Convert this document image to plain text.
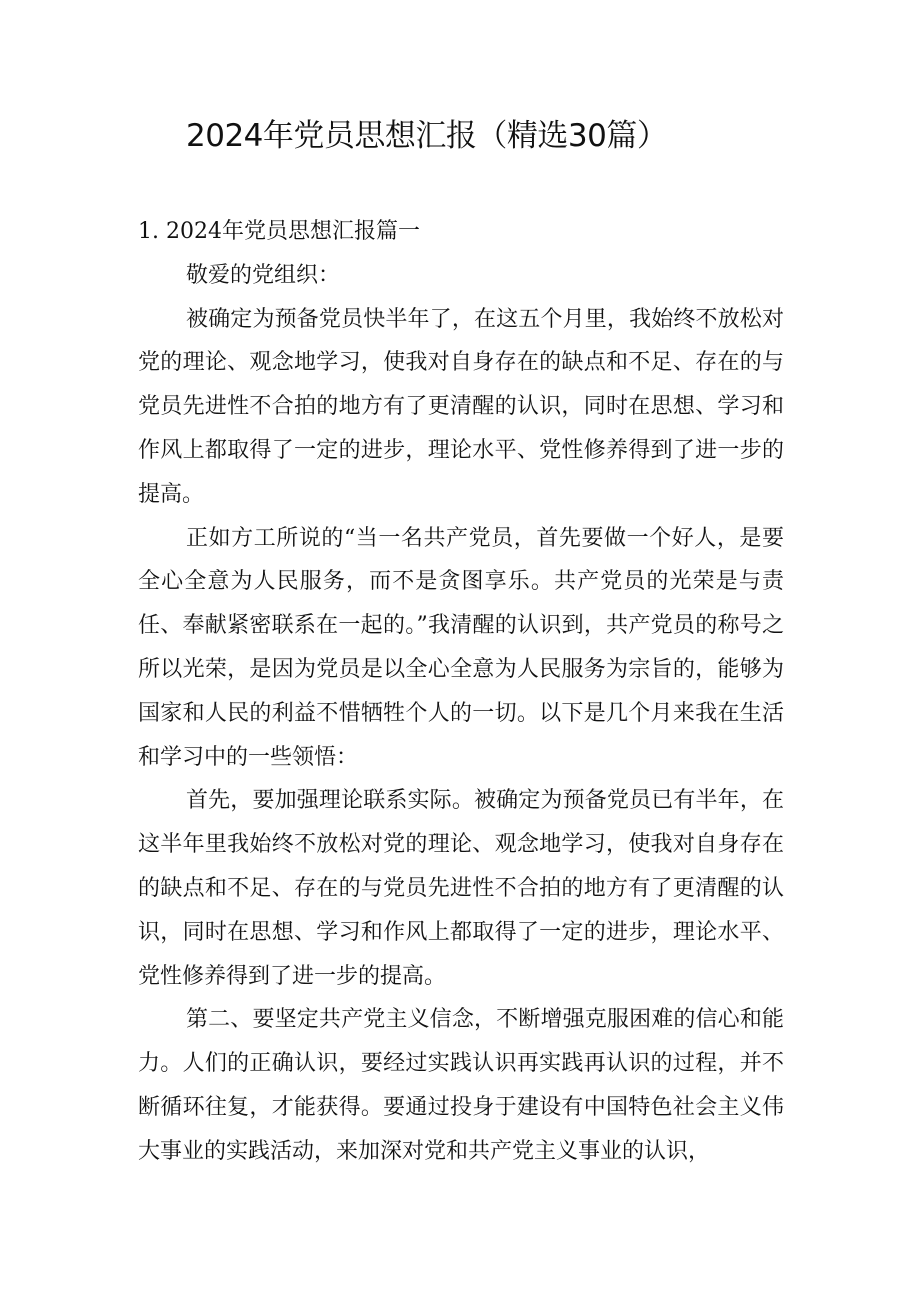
2024年党员思想汇报（精选30篇）

1. 2024年党员思想汇报篇一

敬爱的党组织：

被确定为预备党员快半年了，在这五个月里，我始终不放松对党的理论、观念地学习，使我对自身存在的缺点和不足、存在的与党员先进性不合拍的地方有了更清醒的认识，同时在思想、学习和作风上都取得了一定的进步，理论水平、党性修养得到了进一步的提高。

正如方工所说的“当一名共产党员，首先要做一个好人，是要全心全意为人民服务，而不是贪图享乐。共产党员的光荣是与责任、奉献紧密联系在一起的。”我清醒的认识到，共产党员的称号之所以光荣，是因为党员是以全心全意为人民服务为宗旨的，能够为国家和人民的利益不惜牺牲个人的一切。以下是几个月来我在生活和学习中的一些领悟：

首先，要加强理论联系实际。被确定为预备党员已有半年，在这半年里我始终不放松对党的理论、观念地学习，使我对自身存在的缺点和不足、存在的与党员先进性不合拍的地方有了更清醒的认识，同时在思想、学习和作风上都取得了一定的进步，理论水平、党性修养得到了进一步的提高。

第二、要坚定共产党主义信念，不断增强克服困难的信心和能力。人们的正确认识，要经过实践认识再实践再认识的过程，并不断循环往复，才能获得。要通过投身于建设有中国特色社会主义伟大事业的实践活动，来加深对党和共产党主义事业的认识，
